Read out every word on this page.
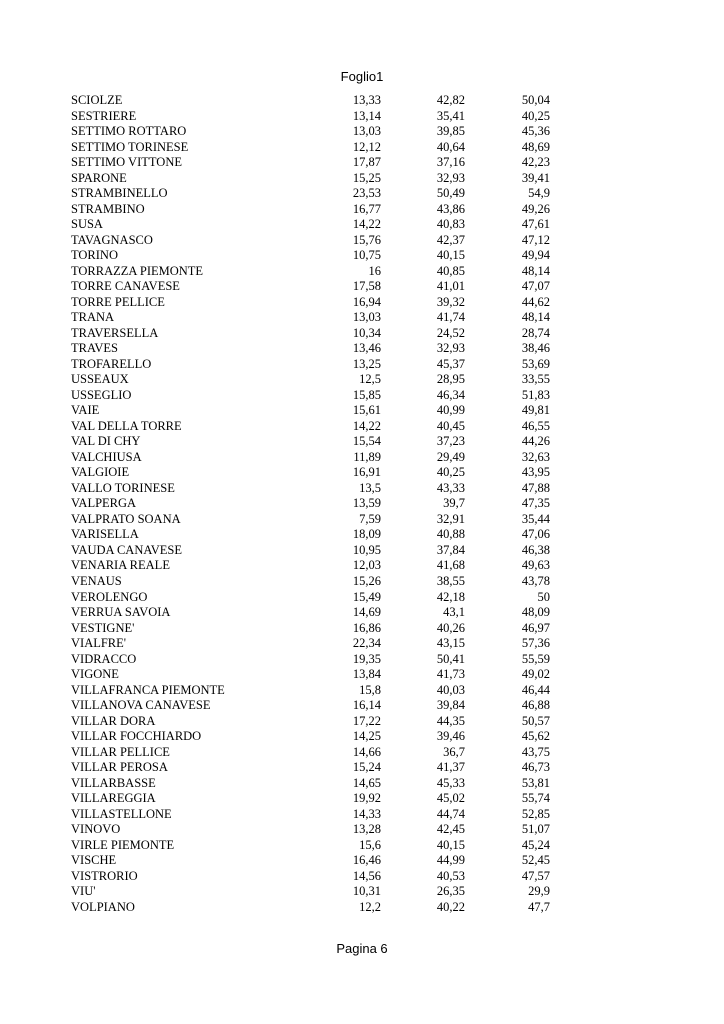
Foglio1
SCIOLZE	13,33	42,82	50,04
SESTRIERE	13,14	35,41	40,25
SETTIMO ROTTARO	13,03	39,85	45,36
SETTIMO TORINESE	12,12	40,64	48,69
SETTIMO VITTONE	17,87	37,16	42,23
SPARONE	15,25	32,93	39,41
STRAMBINELLO	23,53	50,49	54,9
STRAMBINO	16,77	43,86	49,26
SUSA	14,22	40,83	47,61
TAVAGNASCO	15,76	42,37	47,12
TORINO	10,75	40,15	49,94
TORRAZZA PIEMONTE	16	40,85	48,14
TORRE CANAVESE	17,58	41,01	47,07
TORRE PELLICE	16,94	39,32	44,62
TRANA	13,03	41,74	48,14
TRAVERSELLA	10,34	24,52	28,74
TRAVES	13,46	32,93	38,46
TROFARELLO	13,25	45,37	53,69
USSEAUX	12,5	28,95	33,55
USSEGLIO	15,85	46,34	51,83
VAIE	15,61	40,99	49,81
VAL DELLA TORRE	14,22	40,45	46,55
VAL DI CHY	15,54	37,23	44,26
VALCHIUSA	11,89	29,49	32,63
VALGIOIE	16,91	40,25	43,95
VALLO TORINESE	13,5	43,33	47,88
VALPERGA	13,59	39,7	47,35
VALPRATO SOANA	7,59	32,91	35,44
VARISELLA	18,09	40,88	47,06
VAUDA CANAVESE	10,95	37,84	46,38
VENARIA REALE	12,03	41,68	49,63
VENAUS	15,26	38,55	43,78
VEROLENGO	15,49	42,18	50
VERRUA SAVOIA	14,69	43,1	48,09
VESTIGNE'	16,86	40,26	46,97
VIALFRE'	22,34	43,15	57,36
VIDRACCO	19,35	50,41	55,59
VIGONE	13,84	41,73	49,02
VILLAFRANCA PIEMONTE	15,8	40,03	46,44
VILLANOVA CANAVESE	16,14	39,84	46,88
VILLAR DORA	17,22	44,35	50,57
VILLAR FOCCHIARDO	14,25	39,46	45,62
VILLAR PELLICE	14,66	36,7	43,75
VILLAR PEROSA	15,24	41,37	46,73
VILLARBASSE	14,65	45,33	53,81
VILLAREGGIA	19,92	45,02	55,74
VILLASTELLONE	14,33	44,74	52,85
VINOVO	13,28	42,45	51,07
VIRLE PIEMONTE	15,6	40,15	45,24
VISCHE	16,46	44,99	52,45
VISTRORIO	14,56	40,53	47,57
VIU'	10,31	26,35	29,9
VOLPIANO	12,2	40,22	47,7
Pagina 6
